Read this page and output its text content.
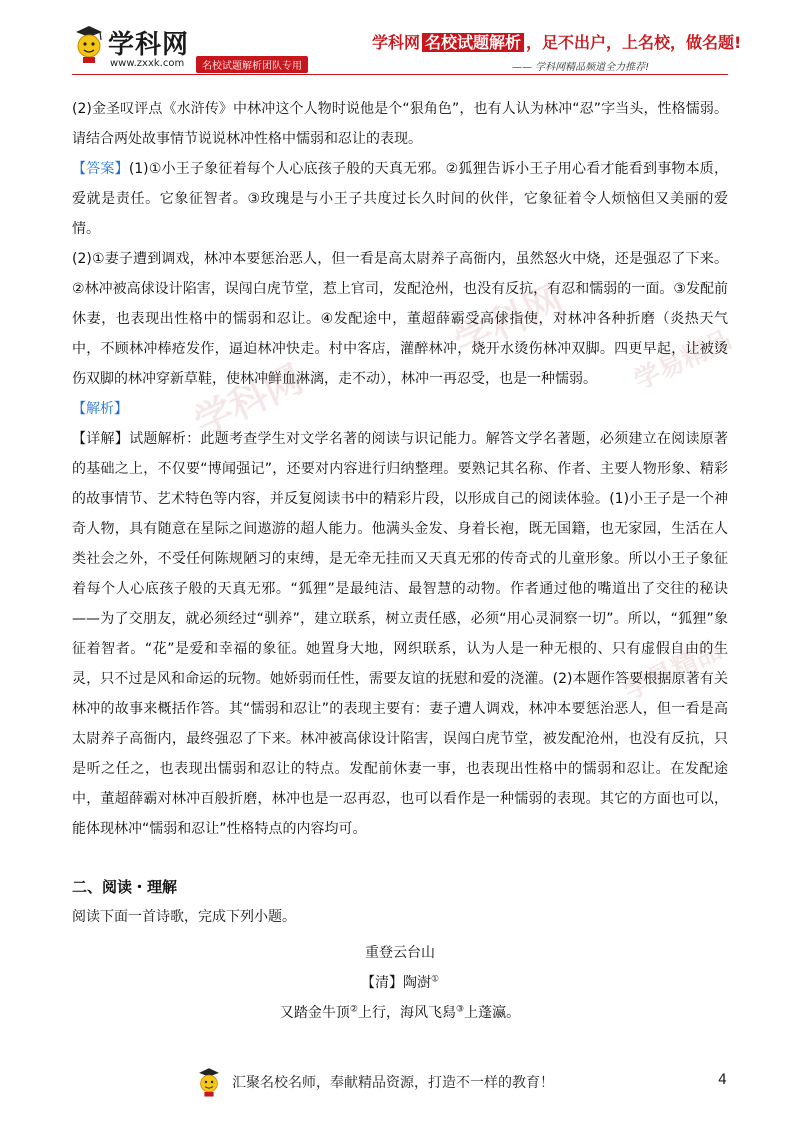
学科网
www.zxxk.com	名校试题解析团队专用
学科网 名校试题解析 ，足不出户，上名校，做名题!
—— 学科网精品频道全力推荐!
学科网
学科网 学易精品
学易精品

(2)金圣叹评点《水浒传》中林冲这个人物时说他是个“狠角色”，也有人认为林冲“忍”字当头，性格懦弱。请结合两处故事情节说说林冲性格中懦弱和忍让的表现。

【答案】(1)①小王子象征着每个人心底孩子般的天真无邪。②狐狸告诉小王子用心看才能看到事物本质，爱就是责任。它象征智者。③玫瑰是与小王子共度过长久时间的伙伴，它象征着令人烦恼但又美丽的爱情。

(2)①妻子遭到调戏，林冲本要惩治恶人，但一看是高太尉养子高衙内，虽然怒火中烧，还是强忍了下来。②林冲被高俅设计陷害，误闯白虎节堂，惹上官司，发配沧州，也没有反抗，有忍和懦弱的一面。③发配前休妻，也表现出性格中的懦弱和忍让。④发配途中，董超薛霸受高俅指使，对林冲各种折磨（炎热天气中，不顾林冲棒疮发作，逼迫林冲快走。村中客店，灌醉林冲，烧开水烫伤林冲双脚。四更早起，让被烫伤双脚的林冲穿新草鞋，使林冲鲜血淋漓，走不动），林冲一再忍受，也是一种懦弱。

【解析】

【详解】试题解析：此题考查学生对文学名著的阅读与识记能力。解答文学名著题，必须建立在阅读原著的基础之上，不仅要“博闻强记”，还要对内容进行归纳整理。要熟记其名称、作者、主要人物形象、精彩的故事情节、艺术特色等内容，并反复阅读书中的精彩片段，以形成自己的阅读体验。(1)小王子是一个神奇人物，具有随意在星际之间遨游的超人能力。他满头金发、身着长袍，既无国籍，也无家园，生活在人类社会之外，不受任何陈规陋习的束缚，是无牵无挂而又天真无邪的传奇式的儿童形象。所以小王子象征着每个人心底孩子般的天真无邪。“狐狸”是最纯洁、最智慧的动物。作者通过他的嘴道出了交往的秘诀——为了交朋友，就必须经过“驯养”，建立联系，树立责任感，必须“用心灵洞察一切”。所以，“狐狸”象征着智者。“花”是爱和幸福的象征。她置身大地，网织联系，认为人是一种无根的、只有虚假自由的生灵，只不过是风和命运的玩物。她娇弱而任性，需要友谊的抚慰和爱的浇灌。(2)本题作答要根据原著有关林冲的故事来概括作答。其“懦弱和忍让”的表现主要有：妻子遭人调戏，林冲本要惩治恶人，但一看是高太尉养子高衙内，最终强忍了下来。林冲被高俅设计陷害，误闯白虎节堂，被发配沧州，也没有反抗，只是听之任之，也表现出懦弱和忍让的特点。发配前休妻一事，也表现出性格中的懦弱和忍让。在发配途中，董超薛霸对林冲百般折磨，林冲也是一忍再忍，也可以看作是一种懦弱的表现。其它的方面也可以，能体现林冲“懦弱和忍让”性格特点的内容均可。

二、阅读・理解

阅读下面一首诗歌，完成下列小题。

重登云台山

【清】陶澍①

又踏金牛顶②上行，海风飞舄③上蓬瀛。

汇聚名校名师，奉献精品资源，打造不一样的教育！	4
